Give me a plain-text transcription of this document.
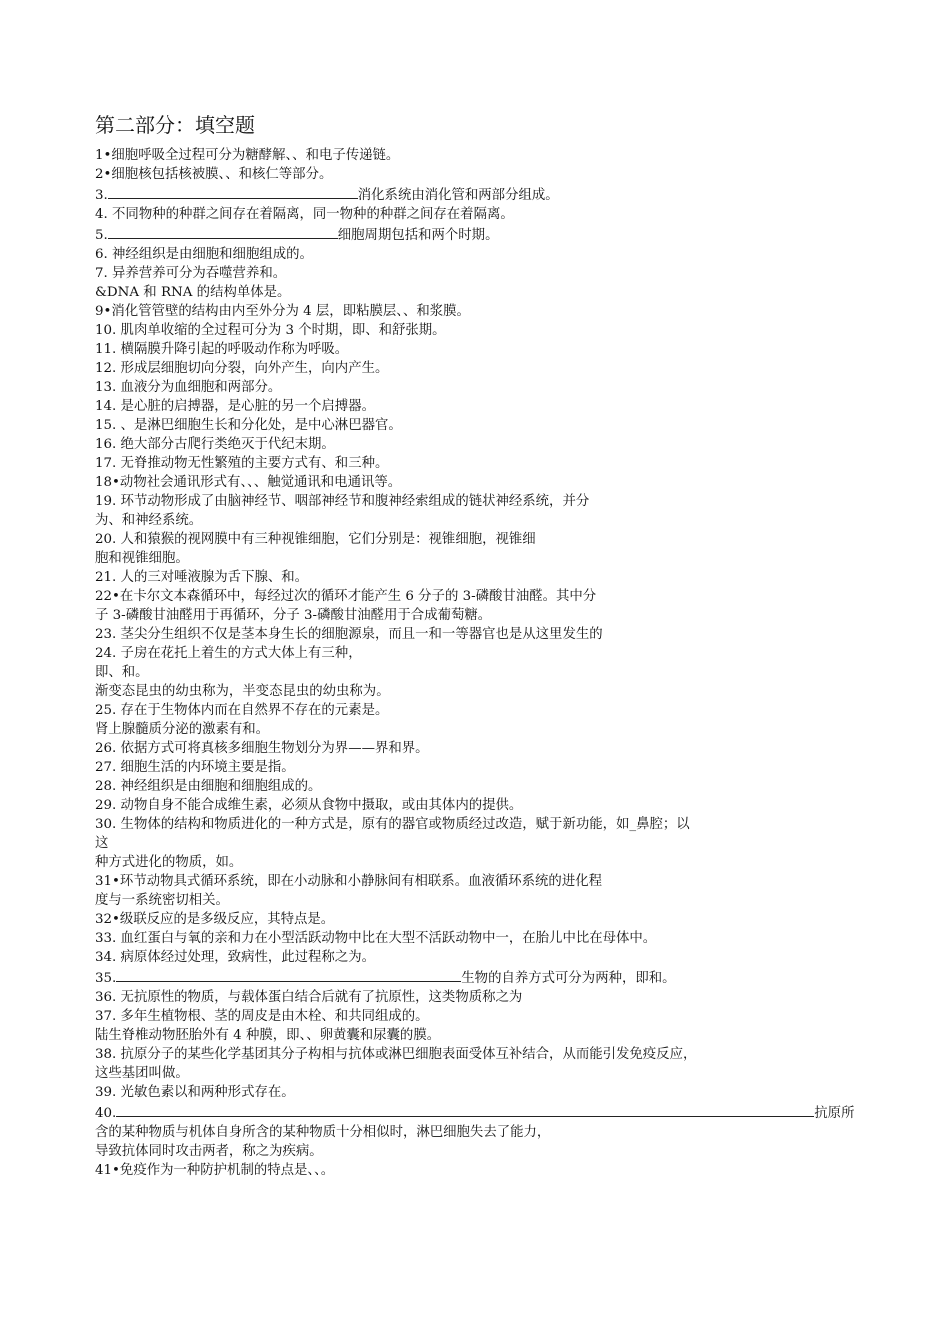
第二部分：填空题
1•细胞呼吸全过程可分为糖酵解、、和电子传递链。
2•细胞核包括核被膜、、和核仁等部分。
3.	消化系统由消化管和两部分组成。
4. 不同物种的种群之间存在着隔离，同一物种的种群之间存在着隔离。
5.	细胞周期包括和两个时期。
6. 神经组织是由细胞和细胞组成的。
7. 异养营养可分为吞噬营养和。
&DNA 和 RNA 的结构单体是。
9•消化管管壁的结构由内至外分为 4 层，即粘膜层、、和浆膜。
10. 肌肉单收缩的全过程可分为 3 个时期，即、和舒张期。
11. 横隔膜升降引起的呼吸动作称为呼吸。
12. 形成层细胞切向分裂，向外产生，向内产生。
13. 血液分为血细胞和两部分。
14. 是心脏的启搏器，是心脏的另一个启搏器。
15. 、是淋巴细胞生长和分化处，是中心淋巴器官。
16. 绝大部分古爬行类绝灭于代纪末期。
17. 无脊推动物无性繁殖的主要方式有、和三种。
18•动物社会通讯形式有、、、触觉通讯和电通讯等。
19. 环节动物形成了由脑神经节、咽部神经节和腹神经索组成的链状神经系统，并分
为、和神经系统。
20. 人和猿猴的视网膜中有三种视锥细胞，它们分别是：视锥细胞，视锥细
胞和视锥细胞。
21. 人的三对唾液腺为舌下腺、和。
22•在卡尔文本森循环中，每经过次的循环才能产生 6 分子的 3-磷酸甘油醛。其中分
子 3-磷酸甘油醛用于再循环，分子 3-磷酸甘油醛用于合成葡萄糖。
23. 茎尖分生组织不仅是茎本身生长的细胞源泉，而且一和一等器官也是从这里发生的
24. 子房在花托上着生的方式大体上有三种，
即、和。
渐变态昆虫的幼虫称为，半变态昆虫的幼虫称为。
25. 存在于生物体内而在自然界不存在的元素是。
肾上腺髓质分泌的激素有和。
26. 依据方式可将真核多细胞生物划分为界——界和界。
27. 细胞生活的内环境主要是指。
28. 神经组织是由细胞和细胞组成的。
29. 动物自身不能合成维生素，必须从食物中摄取，或由其体内的提供。
30. 生物体的结构和物质进化的一种方式是，原有的器官或物质经过改造，赋于新功能，如_鼻腔；以
这
种方式进化的物质，如。
31•环节动物具式循环系统，即在小动脉和小静脉间有相联系。血液循环系统的进化程
度与一系统密切相关。
32•级联反应的是多级反应，其特点是。
33. 血红蛋白与氧的亲和力在小型活跃动物中比在大型不活跃动物中一，在胎儿中比在母体中。
34. 病原体经过处理，致病性，此过程称之为。
35.	生物的自养方式可分为两种，即和。
36. 无抗原性的物质，与载体蛋白结合后就有了抗原性，这类物质称之为
37. 多年生植物根、茎的周皮是由木栓、和共同组成的。
陆生脊椎动物胚胎外有 4 种膜，即、、卵黄囊和尿囊的膜。
38. 抗原分子的某些化学基团其分子构相与抗体或淋巴细胞表面受体互补结合，从而能引发免疫反应，
这些基团叫做。
39. 光敏色素以和两种形式存在。
40.	抗原所
含的某种物质与机体自身所含的某种物质十分相似时，淋巴细胞失去了能力，
导致抗体同时攻击两者，称之为疾病。
41•免疫作为一种防护机制的特点是、、。
